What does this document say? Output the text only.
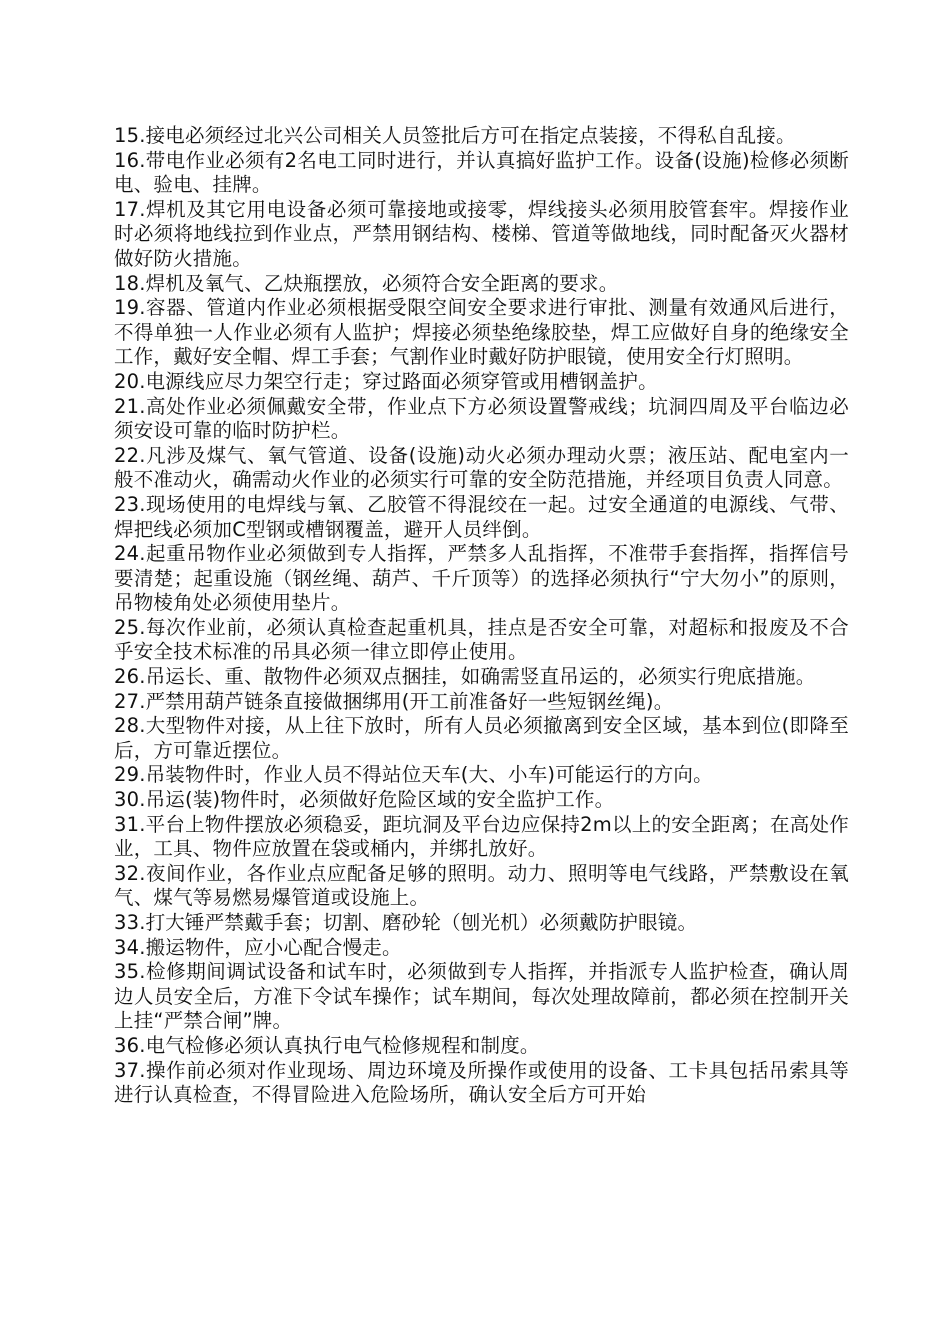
15.接电必须经过北兴公司相关人员签批后方可在指定点装接，不得私自乱接。

16.带电作业必须有2名电工同时进行，并认真搞好监护工作。设备(设施)检修必须断电、验电、挂牌。

17.焊机及其它用电设备必须可靠接地或接零，焊线接头必须用胶管套牢。焊接作业时必须将地线拉到作业点，严禁用钢结构、楼梯、管道等做地线，同时配备灭火器材做好防火措施。

18.焊机及氧气、乙炔瓶摆放，必须符合安全距离的要求。

19.容器、管道内作业必须根据受限空间安全要求进行审批、测量有效通风后进行，不得单独一人作业必须有人监护；焊接必须垫绝缘胶垫，焊工应做好自身的绝缘安全工作，戴好安全帽、焊工手套；气割作业时戴好防护眼镜，使用安全行灯照明。

20.电源线应尽力架空行走；穿过路面必须穿管或用槽钢盖护。

21.高处作业必须佩戴安全带，作业点下方必须设置警戒线；坑洞四周及平台临边必须安设可靠的临时防护栏。

22.凡涉及煤气、氧气管道、设备(设施)动火必须办理动火票；液压站、配电室内一般不准动火，确需动火作业的必须实行可靠的安全防范措施，并经项目负责人同意。

23.现场使用的电焊线与氧、乙胶管不得混绞在一起。过安全通道的电源线、气带、焊把线必须加C型钢或槽钢覆盖，避开人员绊倒。

24.起重吊物作业必须做到专人指挥，严禁多人乱指挥，不准带手套指挥，指挥信号要清楚；起重设施（钢丝绳、葫芦、千斤顶等）的选择必须执行“宁大勿小”的原则，吊物棱角处必须使用垫片。

25.每次作业前，必须认真检查起重机具，挂点是否安全可靠，对超标和报废及不合乎安全技术标准的吊具必须一律立即停止使用。

26.吊运长、重、散物件必须双点捆挂，如确需竖直吊运的，必须实行兜底措施。

27.严禁用葫芦链条直接做捆绑用(开工前准备好一些短钢丝绳)。

28.大型物件对接，从上往下放时，所有人员必须撤离到安全区域，基本到位(即降至后，方可靠近摆位。

29.吊装物件时，作业人员不得站位天车(大、小车)可能运行的方向。

30.吊运(装)物件时，必须做好危险区域的安全监护工作。

31.平台上物件摆放必须稳妥，距坑洞及平台边应保持2m以上的安全距离；在高处作业，工具、物件应放置在袋或桶内，并绑扎放好。

32.夜间作业，各作业点应配备足够的照明。动力、照明等电气线路，严禁敷设在氧气、煤气等易燃易爆管道或设施上。

33.打大锤严禁戴手套；切割、磨砂轮（刨光机）必须戴防护眼镜。

34.搬运物件，应小心配合慢走。

35.检修期间调试设备和试车时，必须做到专人指挥，并指派专人监护检查，确认周边人员安全后，方准下令试车操作；试车期间，每次处理故障前，都必须在控制开关上挂“严禁合闸”牌。

36.电气检修必须认真执行电气检修规程和制度。

37.操作前必须对作业现场、周边环境及所操作或使用的设备、工卡具包括吊索具等进行认真检查，不得冒险进入危险场所，确认安全后方可开始
